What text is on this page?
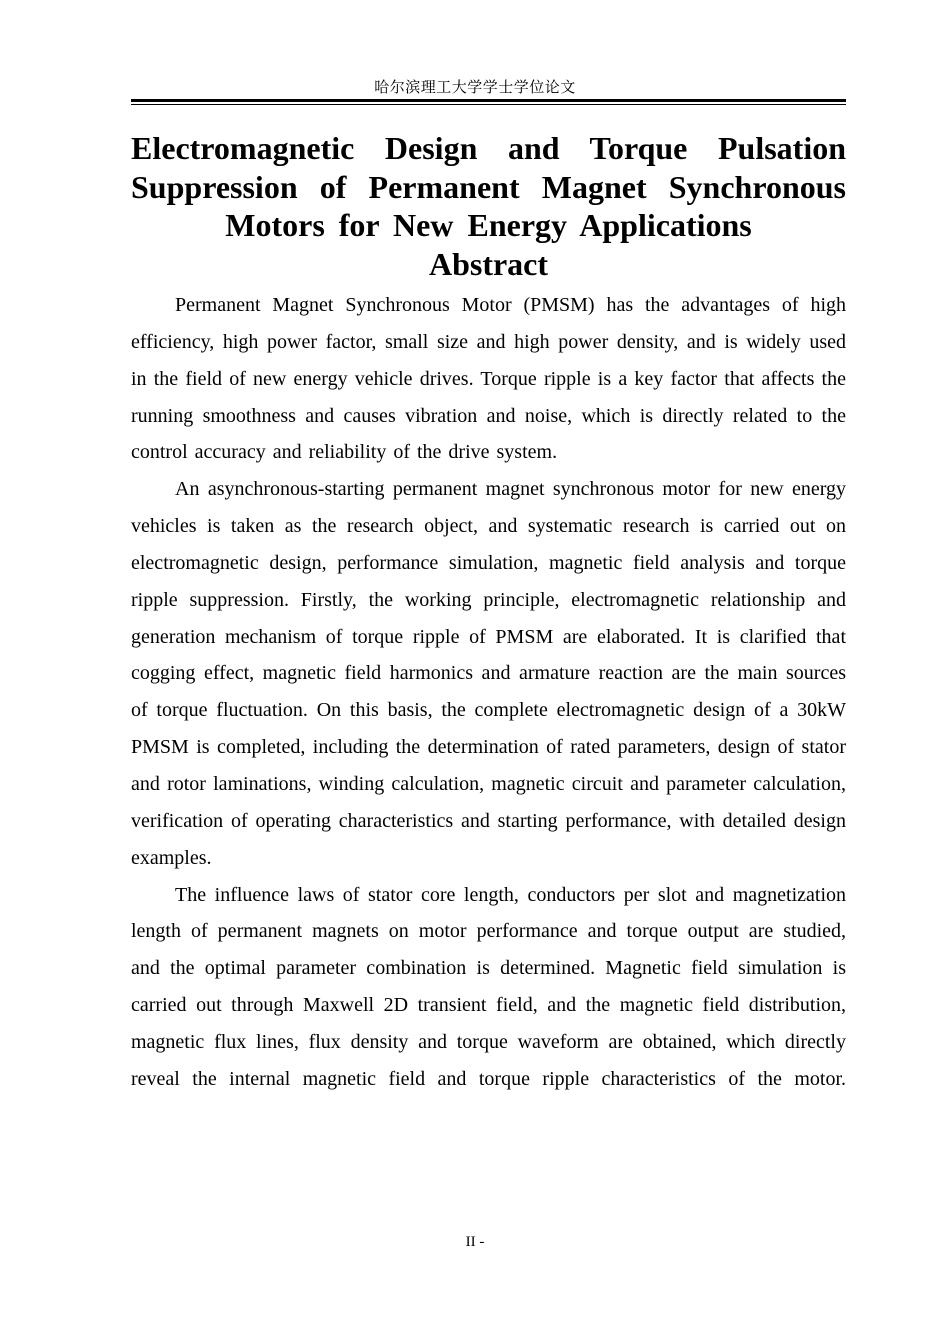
哈尔滨理工大学学士学位论文
Electromagnetic Design and Torque Pulsation
Suppression of Permanent Magnet Synchronous
Motors for New Energy Applications
Abstract

Permanent Magnet Synchronous Motor (PMSM) has the advantages of high efficiency, high power factor, small size and high power density, and is widely used in the field of new energy vehicle drives. Torque ripple is a key factor that affects the running smoothness and causes vibration and noise, which is directly related to the control accuracy and reliability of the drive system.

An asynchronous-starting permanent magnet synchronous motor for new energy vehicles is taken as the research object, and systematic research is carried out on electromagnetic design, performance simulation, magnetic field analysis and torque ripple suppression. Firstly, the working principle, electromagnetic relationship and generation mechanism of torque ripple of PMSM are elaborated. It is clarified that cogging effect, magnetic field harmonics and armature reaction are the main sources of torque fluctuation. On this basis, the complete electromagnetic design of a 30kW PMSM is completed, including the determination of rated parameters, design of stator and rotor laminations, winding calculation, magnetic circuit and parameter calculation, verification of operating characteristics and starting performance, with detailed design examples.

The influence laws of stator core length, conductors per slot and magnetization length of permanent magnets on motor performance and torque output are studied, and the optimal parameter combination is determined. Magnetic field simulation is carried out through Maxwell 2D transient field, and the magnetic field distribution, magnetic flux lines, flux density and torque waveform are obtained, which directly reveal the internal magnetic field and torque ripple characteristics of the motor.

II -
